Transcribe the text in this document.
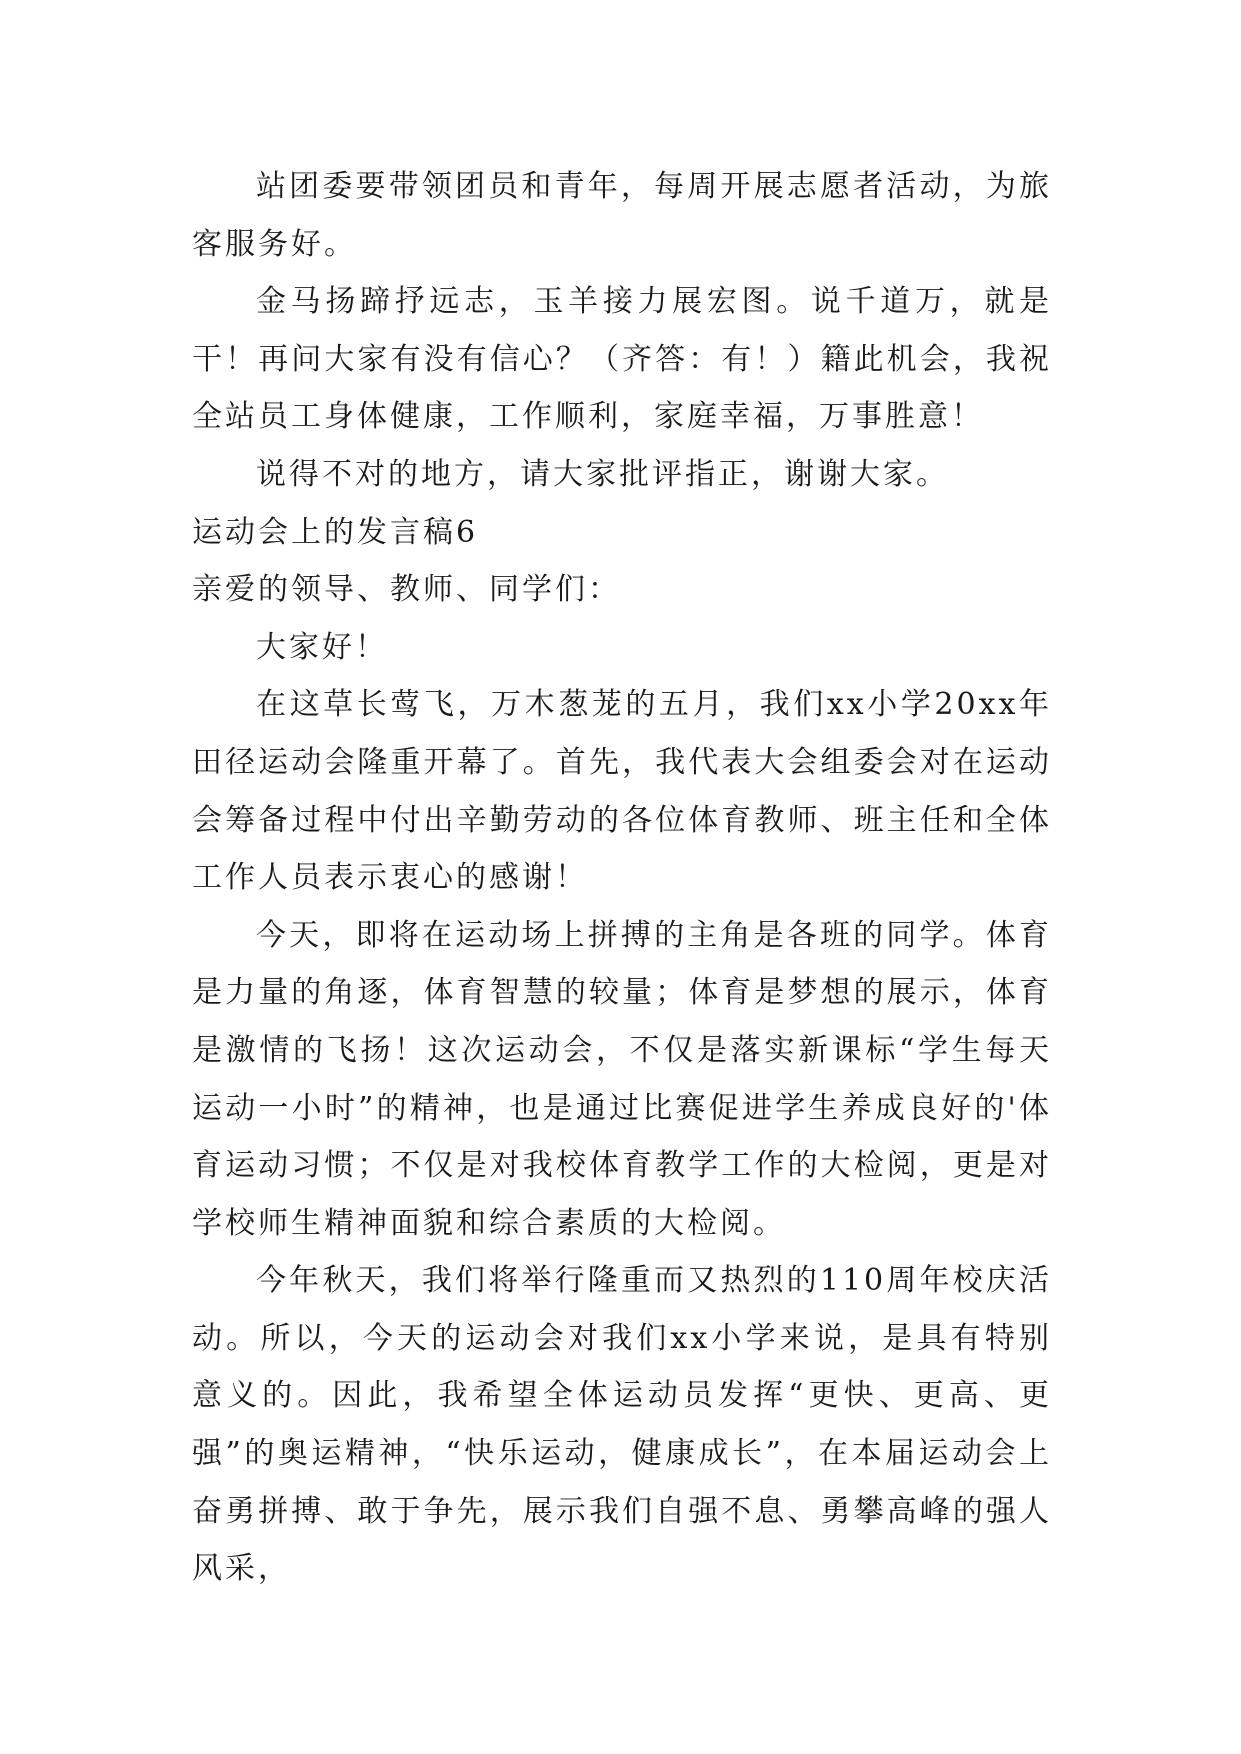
站团委要带领团员和青年，每周开展志愿者活动，为旅客服务好。

金马扬蹄抒远志，玉羊接力展宏图。说千道万，就是干！再问大家有没有信心？（齐答：有！）籍此机会，我祝全站员工身体健康，工作顺利，家庭幸福，万事胜意！

说得不对的地方，请大家批评指正，谢谢大家。

运动会上的发言稿6

亲爱的领导、教师、同学们：

大家好！

在这草长莺飞，万木葱茏的五月，我们xx小学20xx年田径运动会隆重开幕了。首先，我代表大会组委会对在运动会筹备过程中付出辛勤劳动的各位体育教师、班主任和全体工作人员表示衷心的感谢！

今天，即将在运动场上拼搏的主角是各班的同学。体育是力量的角逐，体育智慧的较量；体育是梦想的展示，体育是激情的飞扬！这次运动会，不仅是落实新课标“学生每天运动一小时”的精神，也是通过比赛促进学生养成良好的'体育运动习惯；不仅是对我校体育教学工作的大检阅，更是对学校师生精神面貌和综合素质的大检阅。

今年秋天，我们将举行隆重而又热烈的110周年校庆活动。所以，今天的运动会对我们xx小学来说，是具有特别意义的。因此，我希望全体运动员发挥“更快、更高、更强”的奥运精神，“快乐运动，健康成长”，在本届运动会上奋勇拼搏、敢于争先，展示我们自强不息、勇攀高峰的强人风采，
